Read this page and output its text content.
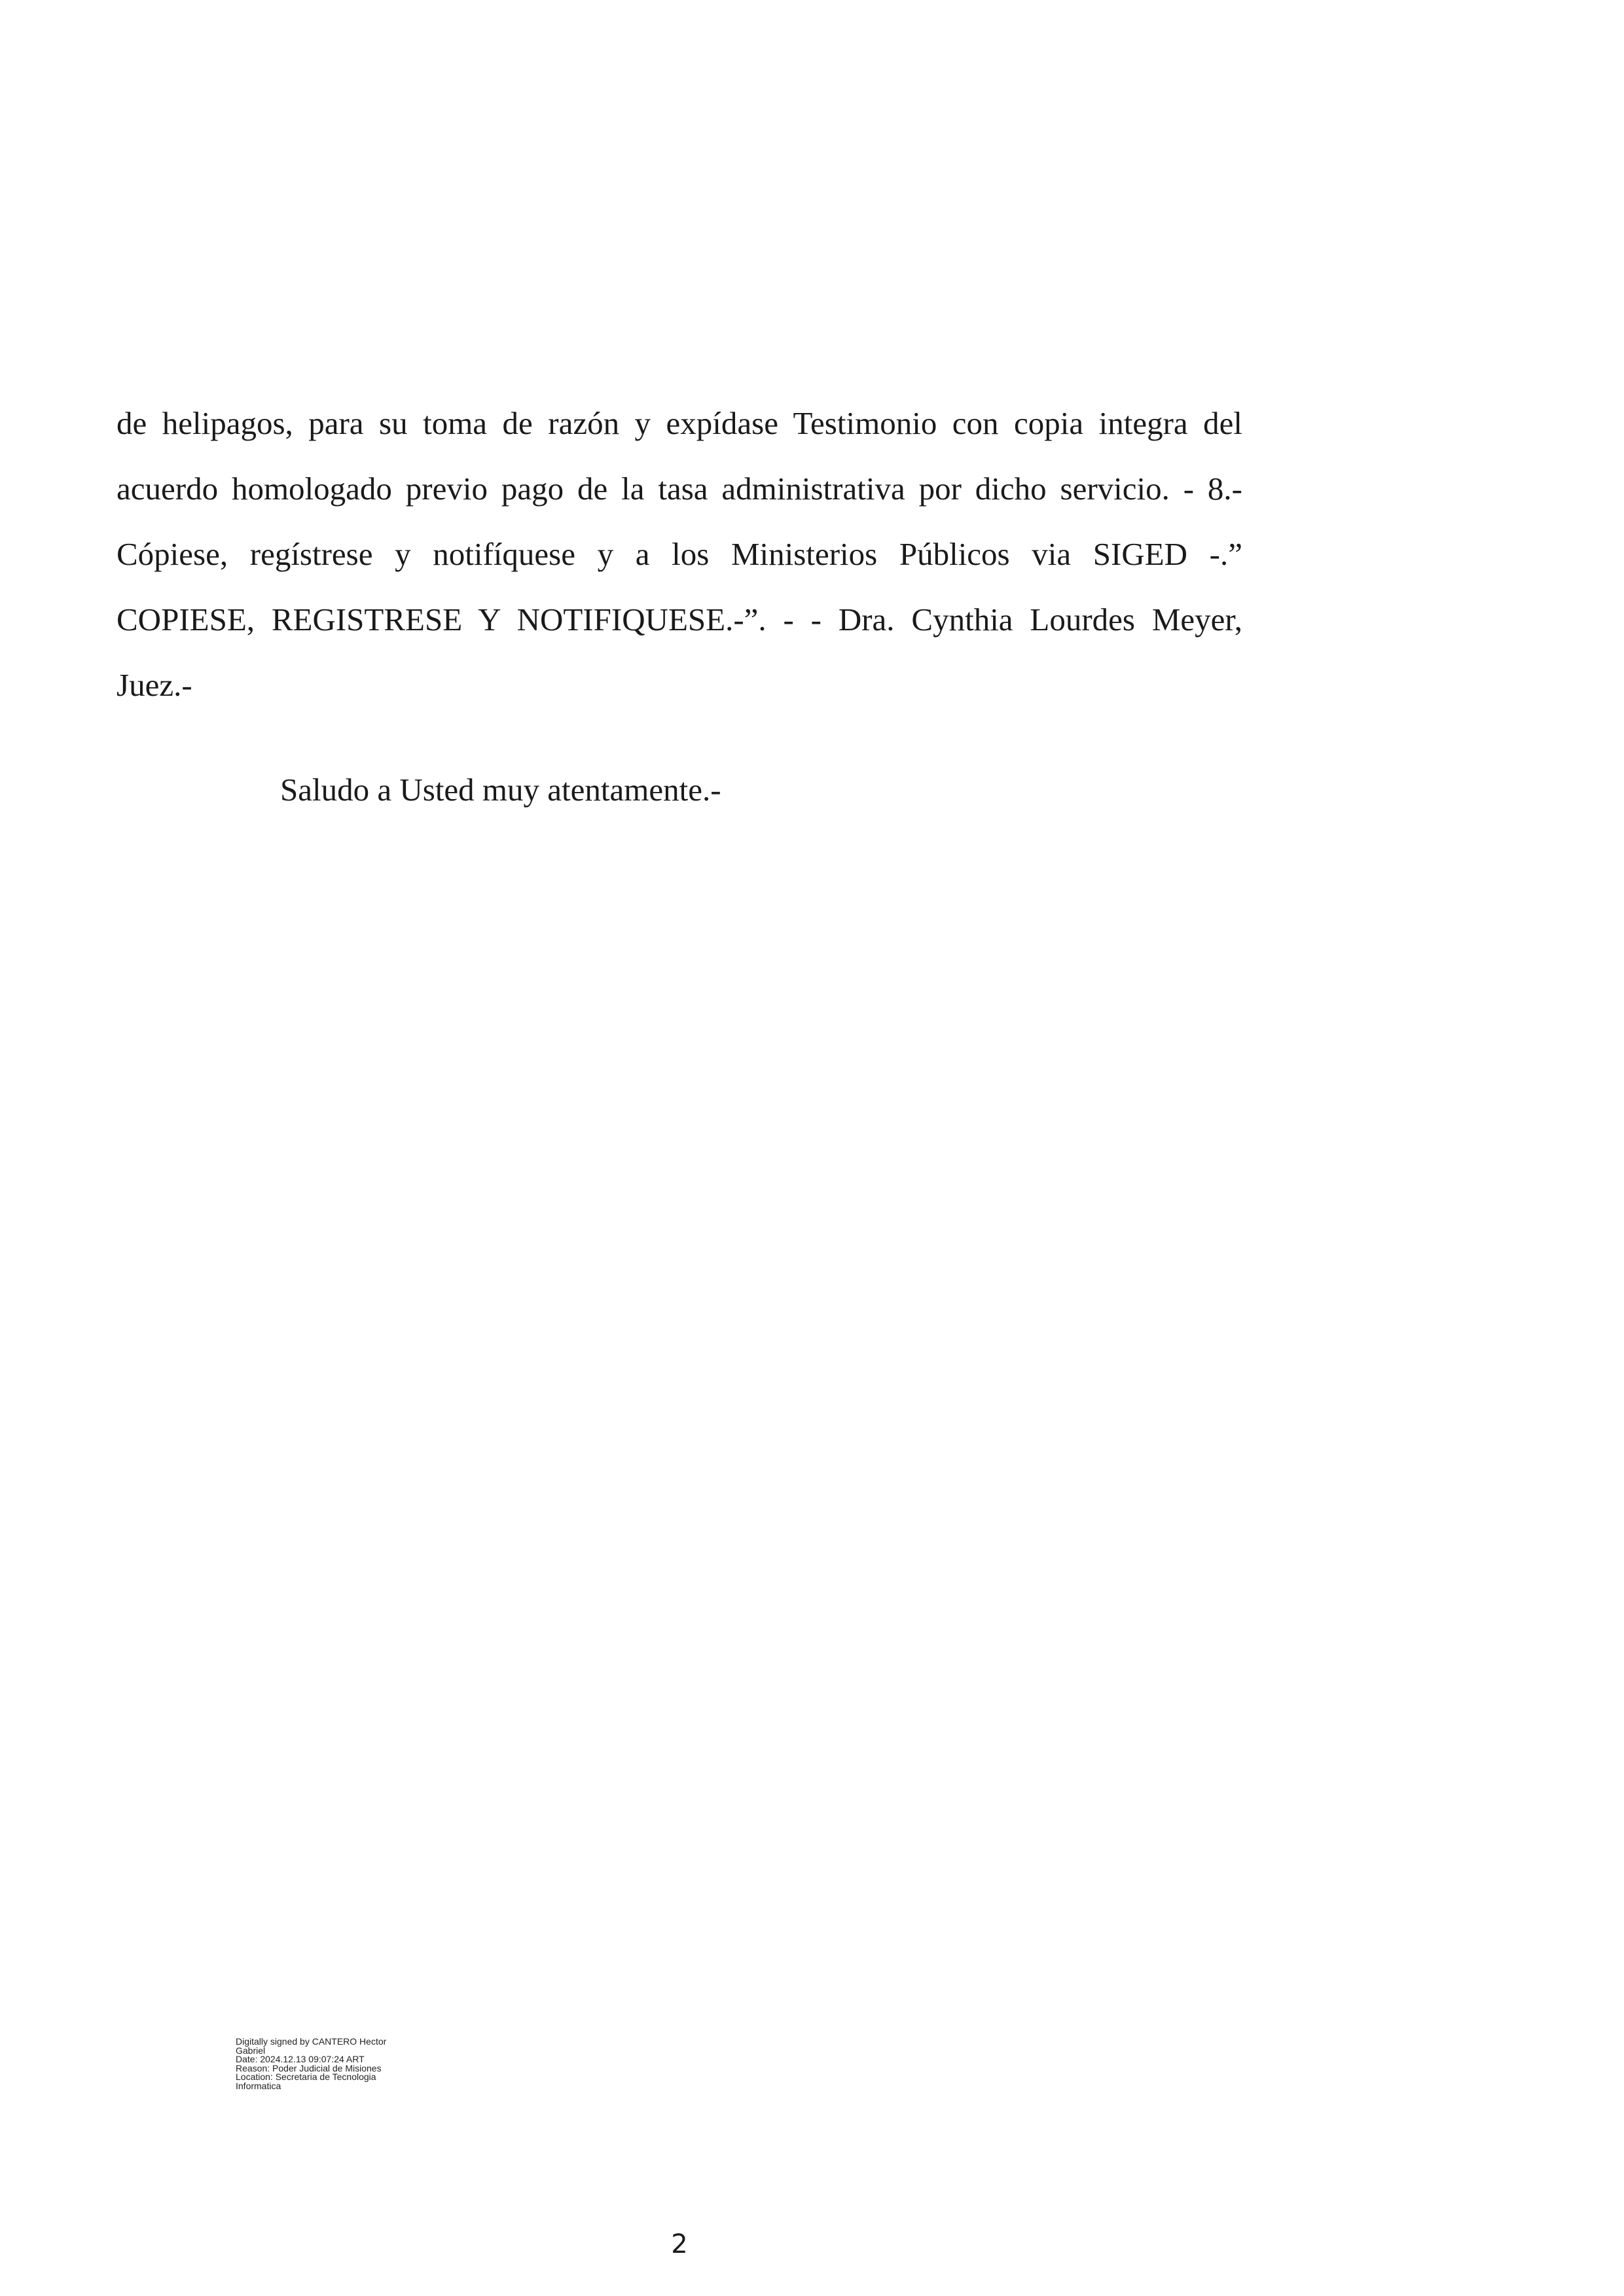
de helipagos, para su toma de razón y expídase Testimonio con copia integra del
acuerdo homologado previo pago de la tasa administrativa por dicho servicio. - 8.-
Cópiese, regístrese y notifíquese y a los Ministerios Públicos via SIGED -.”
COPIESE, REGISTRESE Y NOTIFIQUESE.-”. - - Dra. Cynthia Lourdes Meyer,
Juez.-
Saludo a Usted muy atentamente.-
Digitally signed by CANTERO Hector
Gabriel
Date: 2024.12.13 09:07:24 ART
Reason: Poder Judicial de Misiones
Location: Secretaria de Tecnologia
Informatica
2
